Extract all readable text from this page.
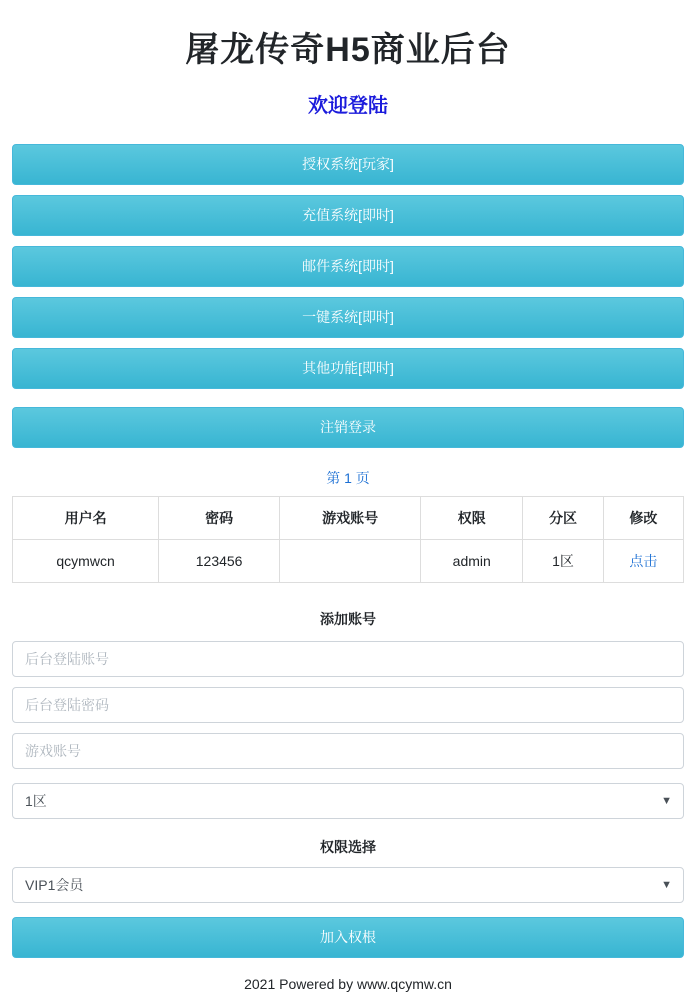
屠龙传奇H5商业后台
欢迎登陆
授权系统[玩家]
充值系统[即时]
邮件系统[即时]
一键系统[即时]
其他功能[即时]
注销登录
第 1 页
用户名	密码	游戏账号	权限	分区	修改
qcymwcn	123456		admin	1区	点击
添加账号
后台登陆账号
后台登陆密码
游戏账号
1区
▼
权限选择
VIP1会员
▼
加入权根
2021 Powered by www.qcymw.cn
